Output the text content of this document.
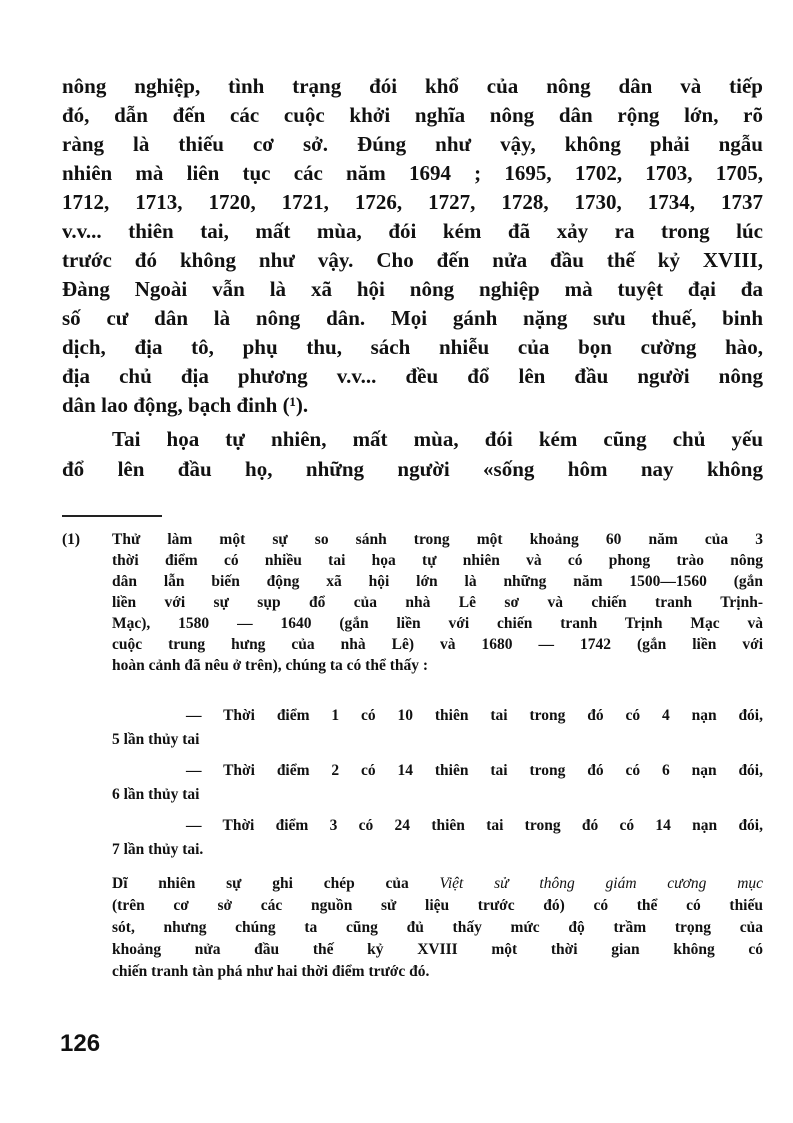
nông nghiệp, tình trạng đói khổ của nông dân và tiếp
đó, dẫn đến các cuộc khởi nghĩa nông dân rộng lớn, rõ
ràng là thiếu cơ sở. Đúng như vậy, không phải ngẫu
nhiên mà liên tục các năm 1694 ; 1695, 1702, 1703, 1705,
1712, 1713, 1720, 1721, 1726, 1727, 1728, 1730, 1734, 1737
v.v... thiên tai, mất mùa, đói kém đã xảy ra trong lúc
trước đó không như vậy. Cho đến nửa đầu thế kỷ XVIII,
Đàng Ngoài vẫn là xã hội nông nghiệp mà tuyệt đại đa
số cư dân là nông dân. Mọi gánh nặng sưu thuế, binh
dịch, địa tô, phụ thu, sách nhiễu của bọn cường hào,
địa chủ địa phương v.v... đều đổ lên đầu người nông
dân lao động, bạch đinh (¹).
Tai họa tự nhiên, mất mùa, đói kém cũng chủ yếu
đổ lên đầu họ, những người «sống hôm nay không
(1) Thử làm một sự so sánh trong một khoảng 60 năm của 3
thời điểm có nhiều tai họa tự nhiên và có phong trào nông
dân lẫn biến động xã hội lớn là những năm 1500—1560 (gắn
liền với sự sụp đổ của nhà Lê sơ và chiến tranh Trịnh-
Mạc), 1580 — 1640 (gắn liền với chiến tranh Trịnh Mạc và
cuộc trung hưng của nhà Lê) và 1680 — 1742 (gắn liền với
hoàn cảnh đã nêu ở trên), chúng ta có thể thấy :
— Thời điểm 1 có 10 thiên tai trong đó có 4 nạn đói,
5 lần thủy tai
— Thời điểm 2 có 14 thiên tai trong đó có 6 nạn đói,
6 lần thủy tai
— Thời điểm 3 có 24 thiên tai trong đó có 14 nạn đói,
7 lần thủy tai.
Dĩ nhiên sự ghi chép của Việt sử thông giám cương mục
(trên cơ sở các nguồn sử liệu trước đó) có thể có thiếu
sót, nhưng chúng ta cũng đủ thấy mức độ trầm trọng của
khoảng nửa đầu thế kỷ XVIII một thời gian không có
chiến tranh tàn phá như hai thời điểm trước đó.
126
